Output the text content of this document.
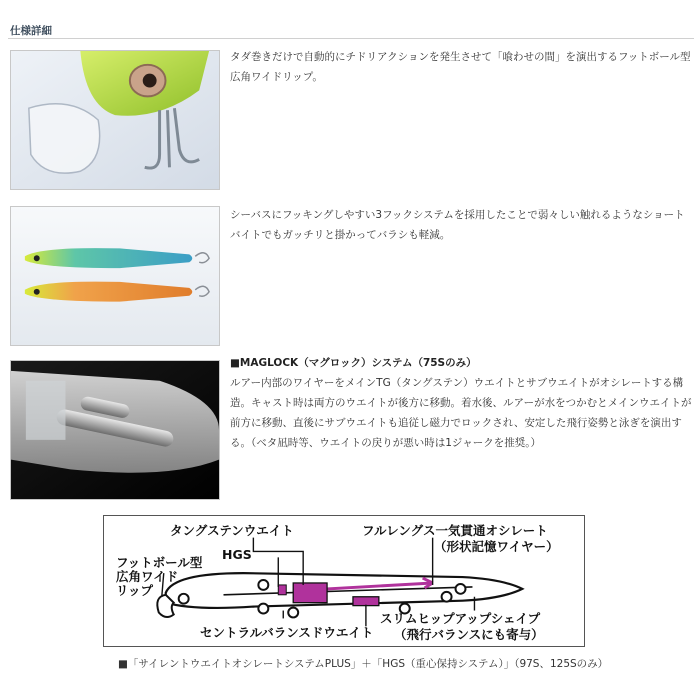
仕様詳細

タダ巻きだけで自動的にチドリアクションを発生させて「喰わせの間」を演出するフットボール型広角ワイドリップ。

シーバスにフッキングしやすい3フックシステムを採用したことで弱々しい触れるようなショートバイトでもガッチリと掛かってバラシも軽減。

■MAGLOCK（マグロック）システム（75Sのみ）

ルアー内部のワイヤーをメインTG（タングステン）ウエイトとサブウエイトがオシレートする構造。キャスト時は両方のウエイトが後方に移動。着水後、ルアーが水をつかむとメインウエイトが前方に移動、直後にサブウエイトも追従し磁力でロックされ、安定した飛行姿勢と泳ぎを演出する。（ベタ凪時等、ウエイトの戻りが悪い時は1ジャークを推奨。）

タングステンウエイト	フルレングス一気貫通オシレート
（形状記憶ワイヤー）
フットボール型
広角ワイド
リップ
HGS
スリムヒップアップシェイプ
（飛行バランスにも寄与）
セントラルバランスドウエイト
■「サイレントウエイトオシレートシステムPLUS」＋「HGS（重心保持システム）」（97S、125Sのみ）
